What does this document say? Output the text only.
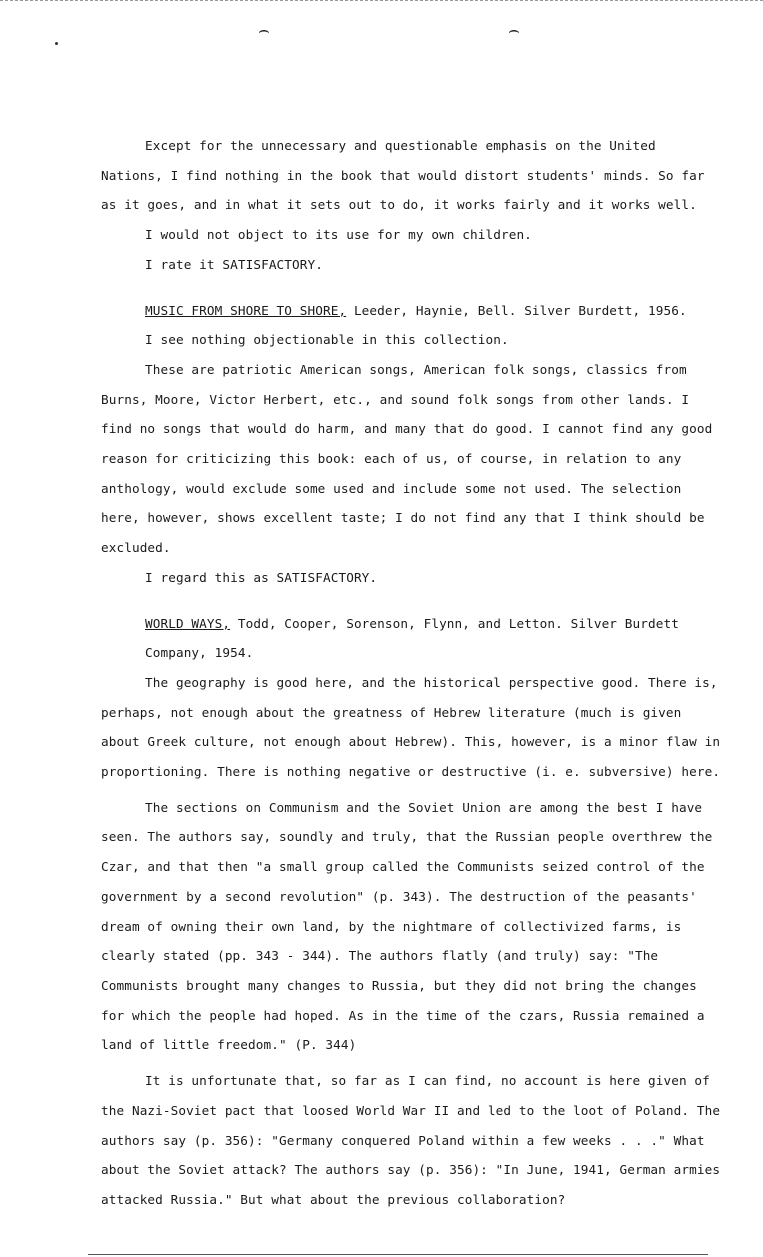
⌢	⌢

Except for the unnecessary and questionable emphasis on the United Nations, I find nothing in the book that would distort students' minds. So far as it goes, and in what it sets out to do, it works fairly and it works well.

I would not object to its use for my own children.

I rate it SATISFACTORY.

MUSIC FROM SHORE TO SHORE, Leeder, Haynie, Bell. Silver Burdett, 1956.

I see nothing objectionable in this collection.

These are patriotic American songs, American folk songs, classics from Burns, Moore, Victor Herbert, etc., and sound folk songs from other lands. I find no songs that would do harm, and many that do good. I cannot find any good reason for criticizing this book: each of us, of course, in relation to any anthology, would exclude some used and include some not used. The selection here, however, shows excellent taste; I do not find any that I think should be excluded.

I regard this as SATISFACTORY.

WORLD WAYS, Todd, Cooper, Sorenson, Flynn, and Letton. Silver Burdett Company, 1954.

The geography is good here, and the historical perspective good. There is, perhaps, not enough about the greatness of Hebrew literature (much is given about Greek culture, not enough about Hebrew). This, however, is a minor flaw in proportioning. There is nothing negative or destructive (i. e. subversive) here.

The sections on Communism and the Soviet Union are among the best I have seen. The authors say, soundly and truly, that the Russian people overthrew the Czar, and that then "a small group called the Communists seized control of the government by a second revolution" (p. 343). The destruction of the peasants' dream of owning their own land, by the nightmare of collectivized farms, is clearly stated (pp. 343 - 344). The authors flatly (and truly) say: "The Communists brought many changes to Russia, but they did not bring the changes for which the people had hoped. As in the time of the czars, Russia remained a land of little freedom." (P. 344)

It is unfortunate that, so far as I can find, no account is here given of the Nazi-Soviet pact that loosed World War II and led to the loot of Poland. The authors say (p. 356): "Germany conquered Poland within a few weeks . . ." What about the Soviet attack? The authors say (p. 356): "In June, 1941, German armies attacked Russia." But what about the previous collaboration?
